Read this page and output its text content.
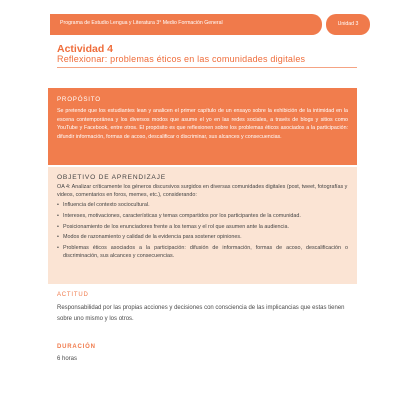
Programa de Estudio Lengua y Literatura 3° Medio Formación General	Unidad 3
Actividad 4
Reflexionar: problemas éticos en las comunidades digitales
PROPÓSITO
Se pretende que los estudiantes lean y analicen el primer capítulo de un ensayo sobre la exhibición de la intimidad en la escena contemporánea y los diversos modos que asume el yo en las redes sociales, a través de blogs y sitios como YouTube y Facebook, entre otros. El propósito es que reflexionen sobre los problemas éticos asociados a la participación: difundir información, formas de acoso, descalificar o discriminar, sus alcances y consecuencias.
OBJETIVO DE APRENDIZAJE
OA 4: Analizar críticamente los géneros discursivos surgidos en diversas comunidades digitales (post, tweet, fotografías y videos, comentarios en foros, memes, etc.), considerando:
• Influencia del contexto sociocultural.
• Intereses, motivaciones, características y temas compartidos por los participantes de la comunidad.
• Posicionamiento de los enunciadores frente a los temas y el rol que asumen ante la audiencia.
• Modos de razonamiento y calidad de la evidencia para sostener opiniones.
• Problemas éticos asociados a la participación: difusión de información, formas de acoso, descalificación o discriminación, sus alcances y consecuencias.
ACTITUD
Responsabilidad por las propias acciones y decisiones con consciencia de las implicancias que estas tienen sobre uno mismo y los otros.
DURACIÓN
6 horas
